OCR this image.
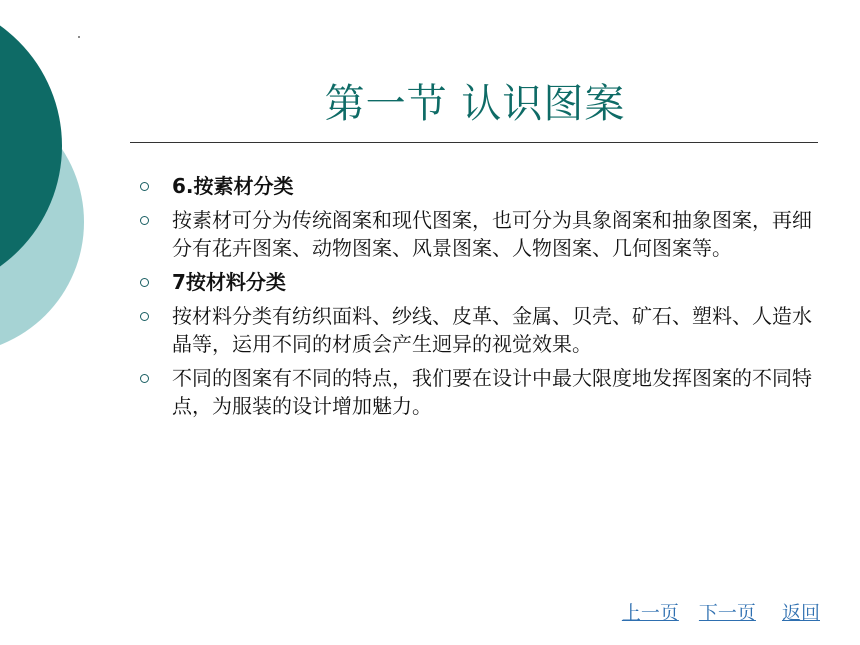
第一节 认识图案
6.按素材分类
按素材可分为传统阁案和现代图案，也可分为具象阁案和抽象图案，再细分有花卉图案、动物图案、风景图案、人物图案、几何图案等。
7按材料分类
按材料分类有纺织面料、纱线、皮革、金属、贝壳、矿石、塑料、人造水晶等，运用不同的材质会产生迥异的视觉效果。
不同的图案有不同的特点，我们要在设计中最大限度地发挥图案的不同特点，为服装的设计增加魅力。
上一页 下一页 返回
